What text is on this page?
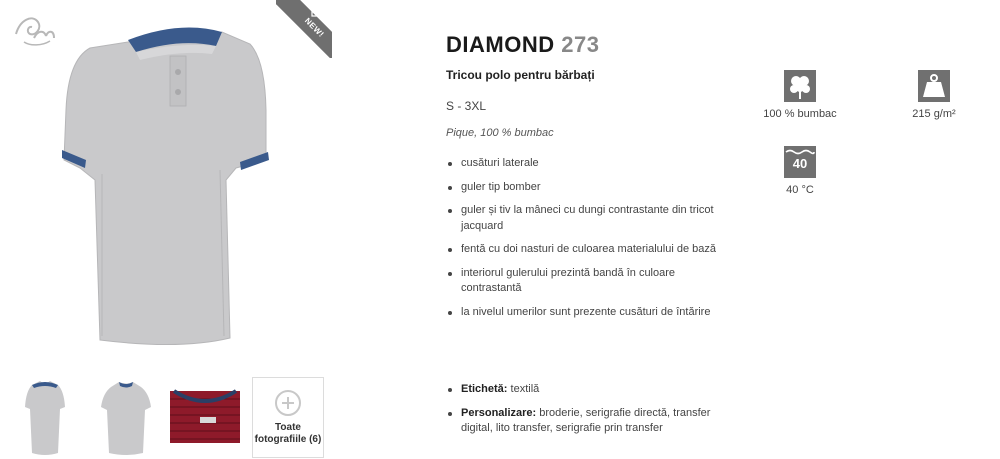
NEW!
Toate fotografiile (6)
DIAMOND 273
Tricou polo pentru bărbați
S - 3XL
Pique, 100 % bumbac
cusături laterale
guler tip bomber
guler și tiv la mâneci cu dungi contrastante din tricot jacquard
fentă cu doi nasturi de culoarea materialului de bază
interiorul gulerului prezintă bandă în culoare contrastantă
la nivelul umerilor sunt prezente cusături de întărire
Etichetă: textilă
Personalizare: broderie, serigrafie directă, transfer digital, lito transfer, serigrafie prin transfer
100 % bumbac	215 g/m²
40
40 °C
